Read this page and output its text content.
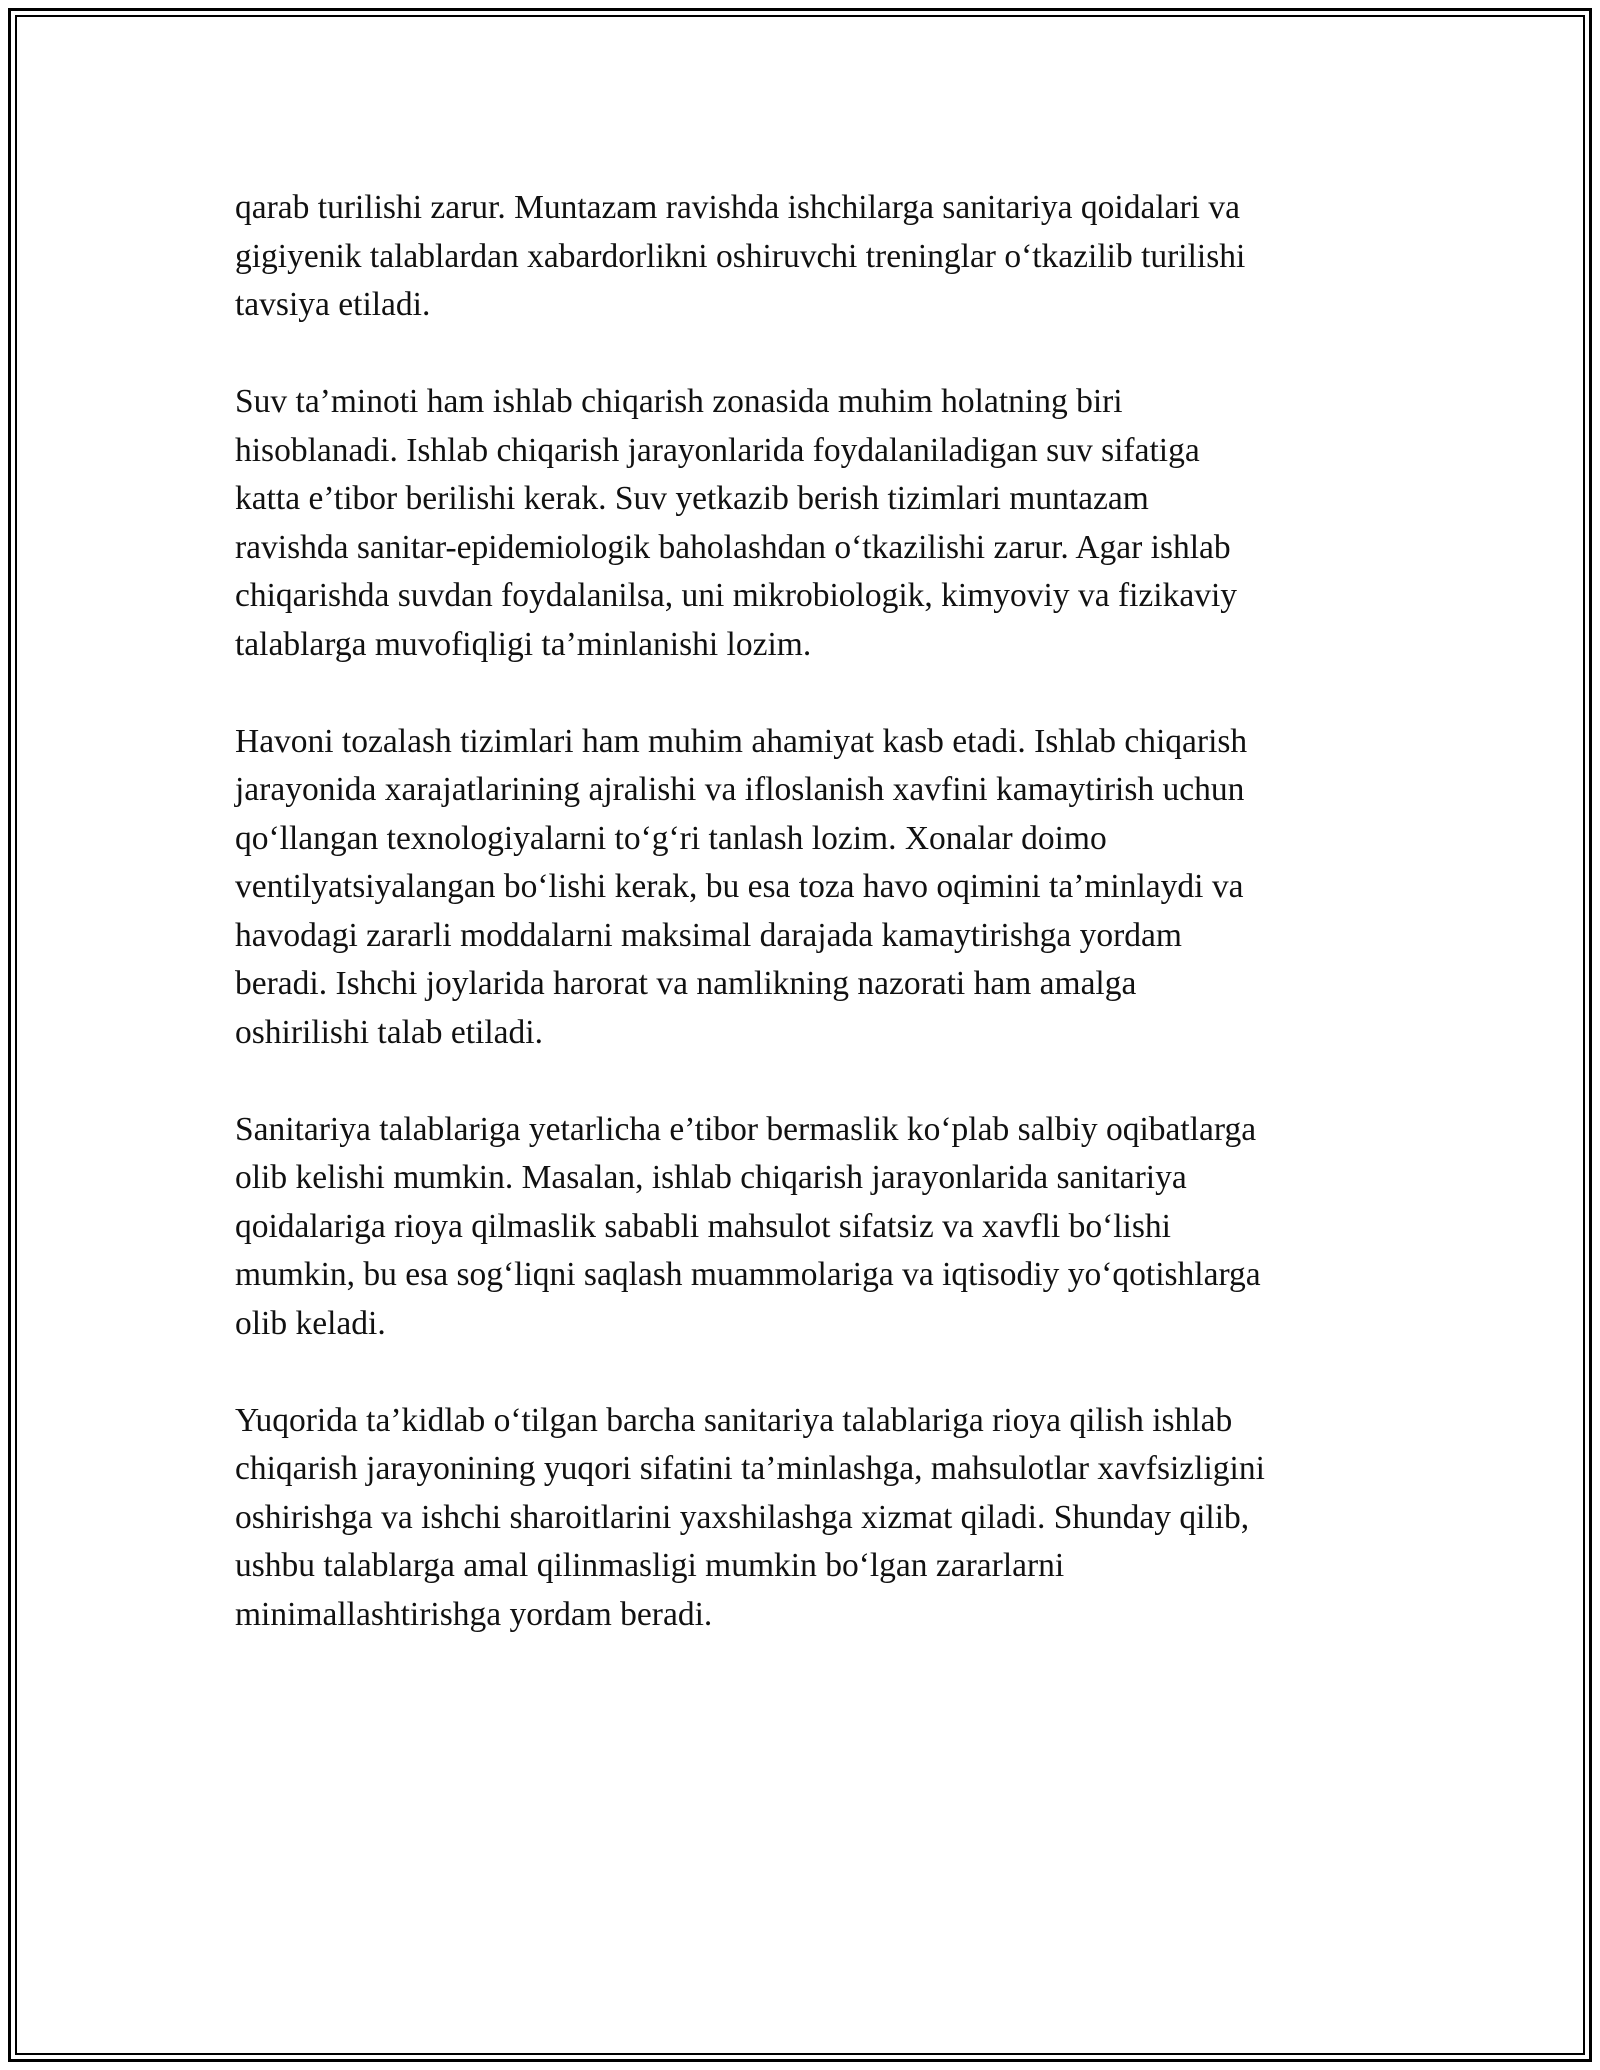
qarab turilishi zarur. Muntazam ravishda ishchilarga sanitariya qoidalari va
gigiyenik talablardan xabardorlikni oshiruvchi treninglar o‘tkazilib turilishi
tavsiya etiladi.

Suv ta’minoti ham ishlab chiqarish zonasida muhim holatning biri
hisoblanadi. Ishlab chiqarish jarayonlarida foydalaniladigan suv sifatiga
katta e’tibor berilishi kerak. Suv yetkazib berish tizimlari muntazam
ravishda sanitar-epidemiologik baholashdan o‘tkazilishi zarur. Agar ishlab
chiqarishda suvdan foydalanilsa, uni mikrobiologik, kimyoviy va fizikaviy
talablarga muvofiqligi ta’minlanishi lozim.

Havoni tozalash tizimlari ham muhim ahamiyat kasb etadi. Ishlab chiqarish
jarayonida xarajatlarining ajralishi va ifloslanish xavfini kamaytirish uchun
qo‘llangan texnologiyalarni to‘g‘ri tanlash lozim. Xonalar doimo
ventilyatsiyalangan bo‘lishi kerak, bu esa toza havo oqimini ta’minlaydi va
havodagi zararli moddalarni maksimal darajada kamaytirishga yordam
beradi. Ishchi joylarida harorat va namlikning nazorati ham amalga
oshirilishi talab etiladi.

Sanitariya talablariga yetarlicha e’tibor bermaslik ko‘plab salbiy oqibatlarga
olib kelishi mumkin. Masalan, ishlab chiqarish jarayonlarida sanitariya
qoidalariga rioya qilmaslik sababli mahsulot sifatsiz va xavfli bo‘lishi
mumkin, bu esa sog‘liqni saqlash muammolariga va iqtisodiy yo‘qotishlarga
olib keladi.

Yuqorida ta’kidlab o‘tilgan barcha sanitariya talablariga rioya qilish ishlab
chiqarish jarayonining yuqori sifatini ta’minlashga, mahsulotlar xavfsizligini
oshirishga va ishchi sharoitlarini yaxshilashga xizmat qiladi. Shunday qilib,
ushbu talablarga amal qilinmasligi mumkin bo‘lgan zararlarni
minimallashtirishga yordam beradi.
